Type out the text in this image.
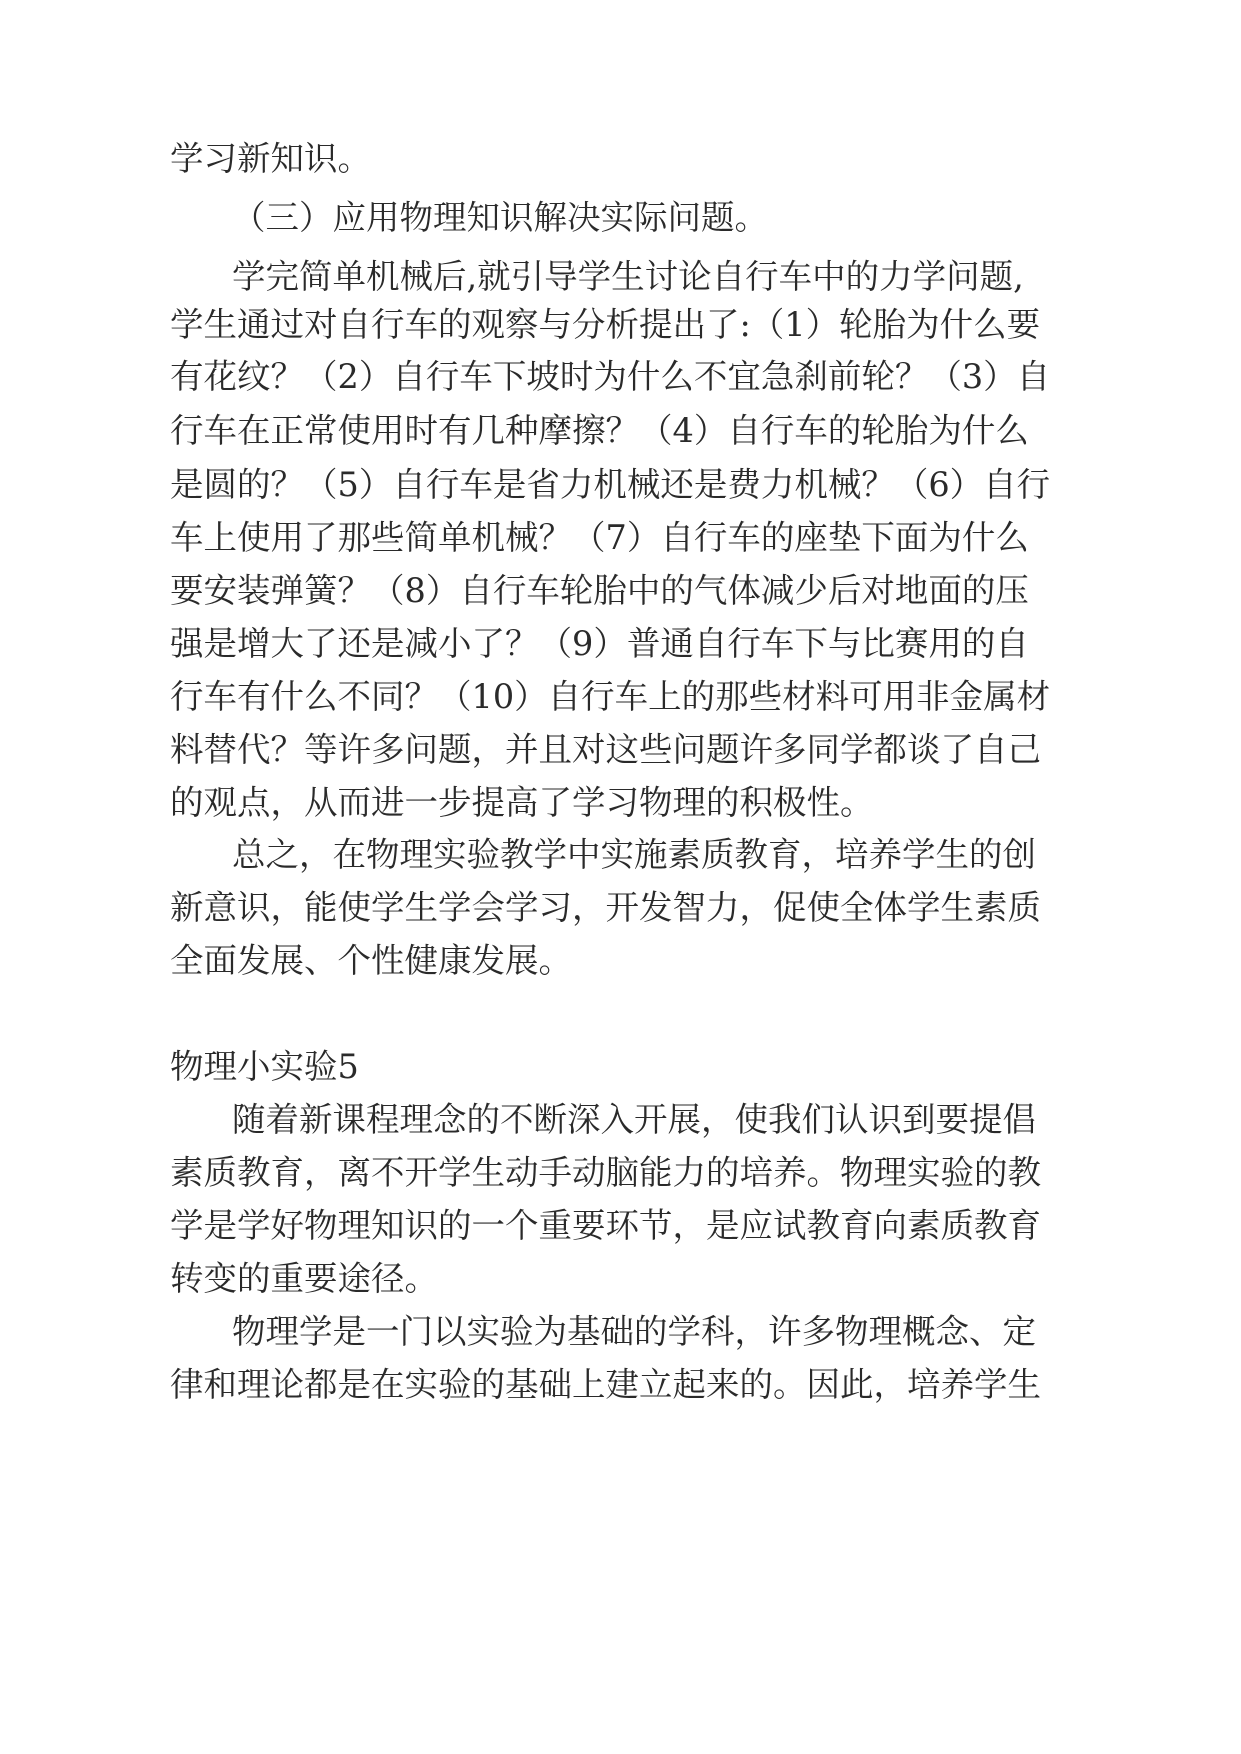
学习新知识。
（三）应用物理知识解决实际问题。
学完简单机械后,就引导学生讨论自行车中的力学问题,
学生通过对自行车的观察与分析提出了:（1）轮胎为什么要
有花纹？（2）自行车下坡时为什么不宜急刹前轮？（3）自
行车在正常使用时有几种摩擦？（4）自行车的轮胎为什么
是圆的？（5）自行车是省力机械还是费力机械？（6）自行
车上使用了那些简单机械？（7）自行车的座垫下面为什么
要安装弹簧？（8）自行车轮胎中的气体减少后对地面的压
强是增大了还是减小了？（9）普通自行车下与比赛用的自
行车有什么不同？（10）自行车上的那些材料可用非金属材
料替代？等许多问题，并且对这些问题许多同学都谈了自己
的观点，从而进一步提高了学习物理的积极性。
总之，在物理实验教学中实施素质教育，培养学生的创
新意识，能使学生学会学习，开发智力，促使全体学生素质
全面发展、个性健康发展。
物理小实验5
随着新课程理念的不断深入开展，使我们认识到要提倡
素质教育，离不开学生动手动脑能力的培养。物理实验的教
学是学好物理知识的一个重要环节，是应试教育向素质教育
转变的重要途径。
物理学是一门以实验为基础的学科，许多物理概念、定
律和理论都是在实验的基础上建立起来的。因此，培养学生
